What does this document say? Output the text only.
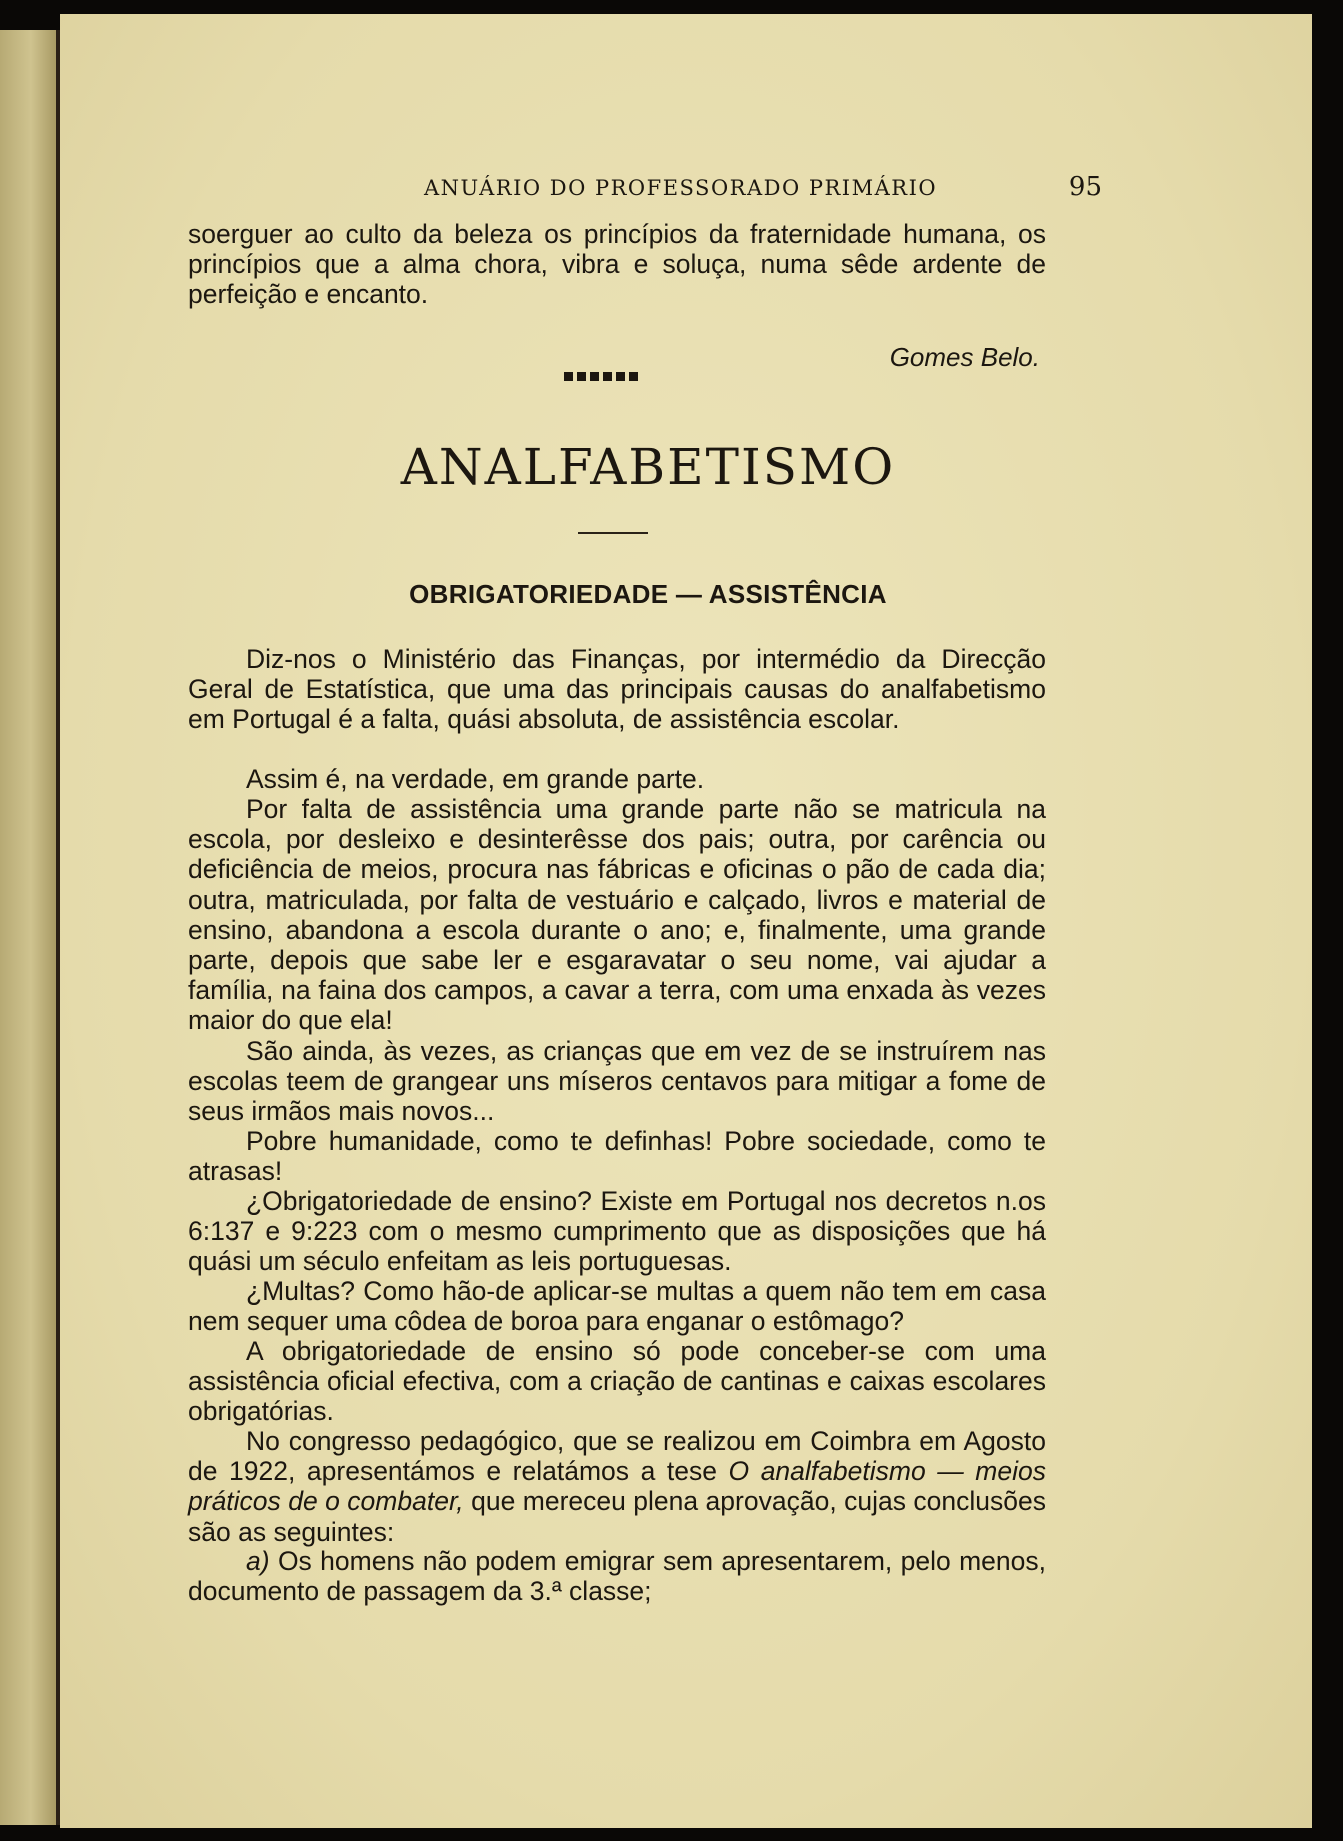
ANUÁRIO DO PROFESSORADO PRIMÁRIO	95

soerguer ao culto da beleza os princípios da fraternidade humana, os princípios que a alma chora, vibra e soluça, numa sêde ardente de perfeição e encanto.

Gomes Belo.
ANALFABETISMO
OBRIGATORIEDADE — ASSISTÊNCIA

Diz-nos o Ministério das Finanças, por intermédio da Direcção Geral de Estatística, que uma das principais causas do analfabetismo em Portugal é a falta, quási absoluta, de assistência escolar.

Assim é, na verdade, em grande parte.

Por falta de assistência uma grande parte não se matricula na escola, por desleixo e desinterêsse dos pais; outra, por carência ou deficiência de meios, procura nas fábricas e oficinas o pão de cada dia; outra, matriculada, por falta de vestuário e calçado, livros e material de ensino, abandona a escola durante o ano; e, finalmente, uma grande parte, depois que sabe ler e esgaravatar o seu nome, vai ajudar a família, na faina dos campos, a cavar a terra, com uma enxada às vezes maior do que ela!

São ainda, às vezes, as crianças que em vez de se instruírem nas escolas teem de grangear uns míseros centavos para mitigar a fome de seus irmãos mais novos...

Pobre humanidade, como te definhas! Pobre sociedade, como te atrasas!

¿Obrigatoriedade de ensino? Existe em Portugal nos decretos n.os 6:137 e 9:223 com o mesmo cumprimento que as disposições que há quási um século enfeitam as leis portuguesas.

¿Multas? Como hão-de aplicar-se multas a quem não tem em casa nem sequer uma côdea de boroa para enganar o estômago?

A obrigatoriedade de ensino só pode conceber-se com uma assistência oficial efectiva, com a criação de cantinas e caixas escolares obrigatórias.

No congresso pedagógico, que se realizou em Coimbra em Agosto de 1922, apresentámos e relatámos a tese O analfabetismo — meios práticos de o combater, que mereceu plena aprovação, cujas conclusões são as seguintes:

a) Os homens não podem emigrar sem apresentarem, pelo menos, documento de passagem da 3.ª classe;
